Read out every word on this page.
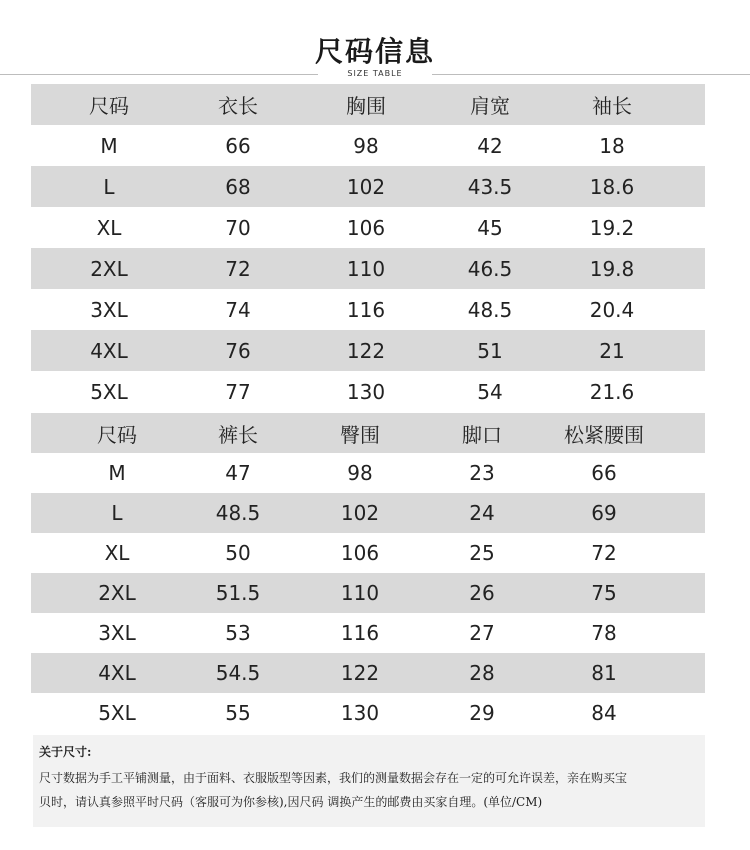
尺码信息
SIZE TABLE
尺码	衣长	胸围	肩宽	袖长
M	66	98	42	18
L	68	102	43.5	18.6
XL	70	106	45	19.2
2XL	72	110	46.5	19.8
3XL	74	116	48.5	20.4
4XL	76	122	51	21
5XL	77	130	54	21.6
尺码	裤长	臀围	脚口	松紧腰围
M	47	98	23	66
L	48.5	102	24	69
XL	50	106	25	72
2XL	51.5	110	26	75
3XL	53	116	27	78
4XL	54.5	122	28	81
5XL	55	130	29	84
关于尺寸:
尺寸数据为手工平铺测量，由于面料、衣服版型等因素，我们的测量数据会存在一定的可允许误差，亲在购买宝
贝时，请认真参照平时尺码（客服可为你参核),因尺码 调换产生的邮费由买家自理。(单位/CM)
